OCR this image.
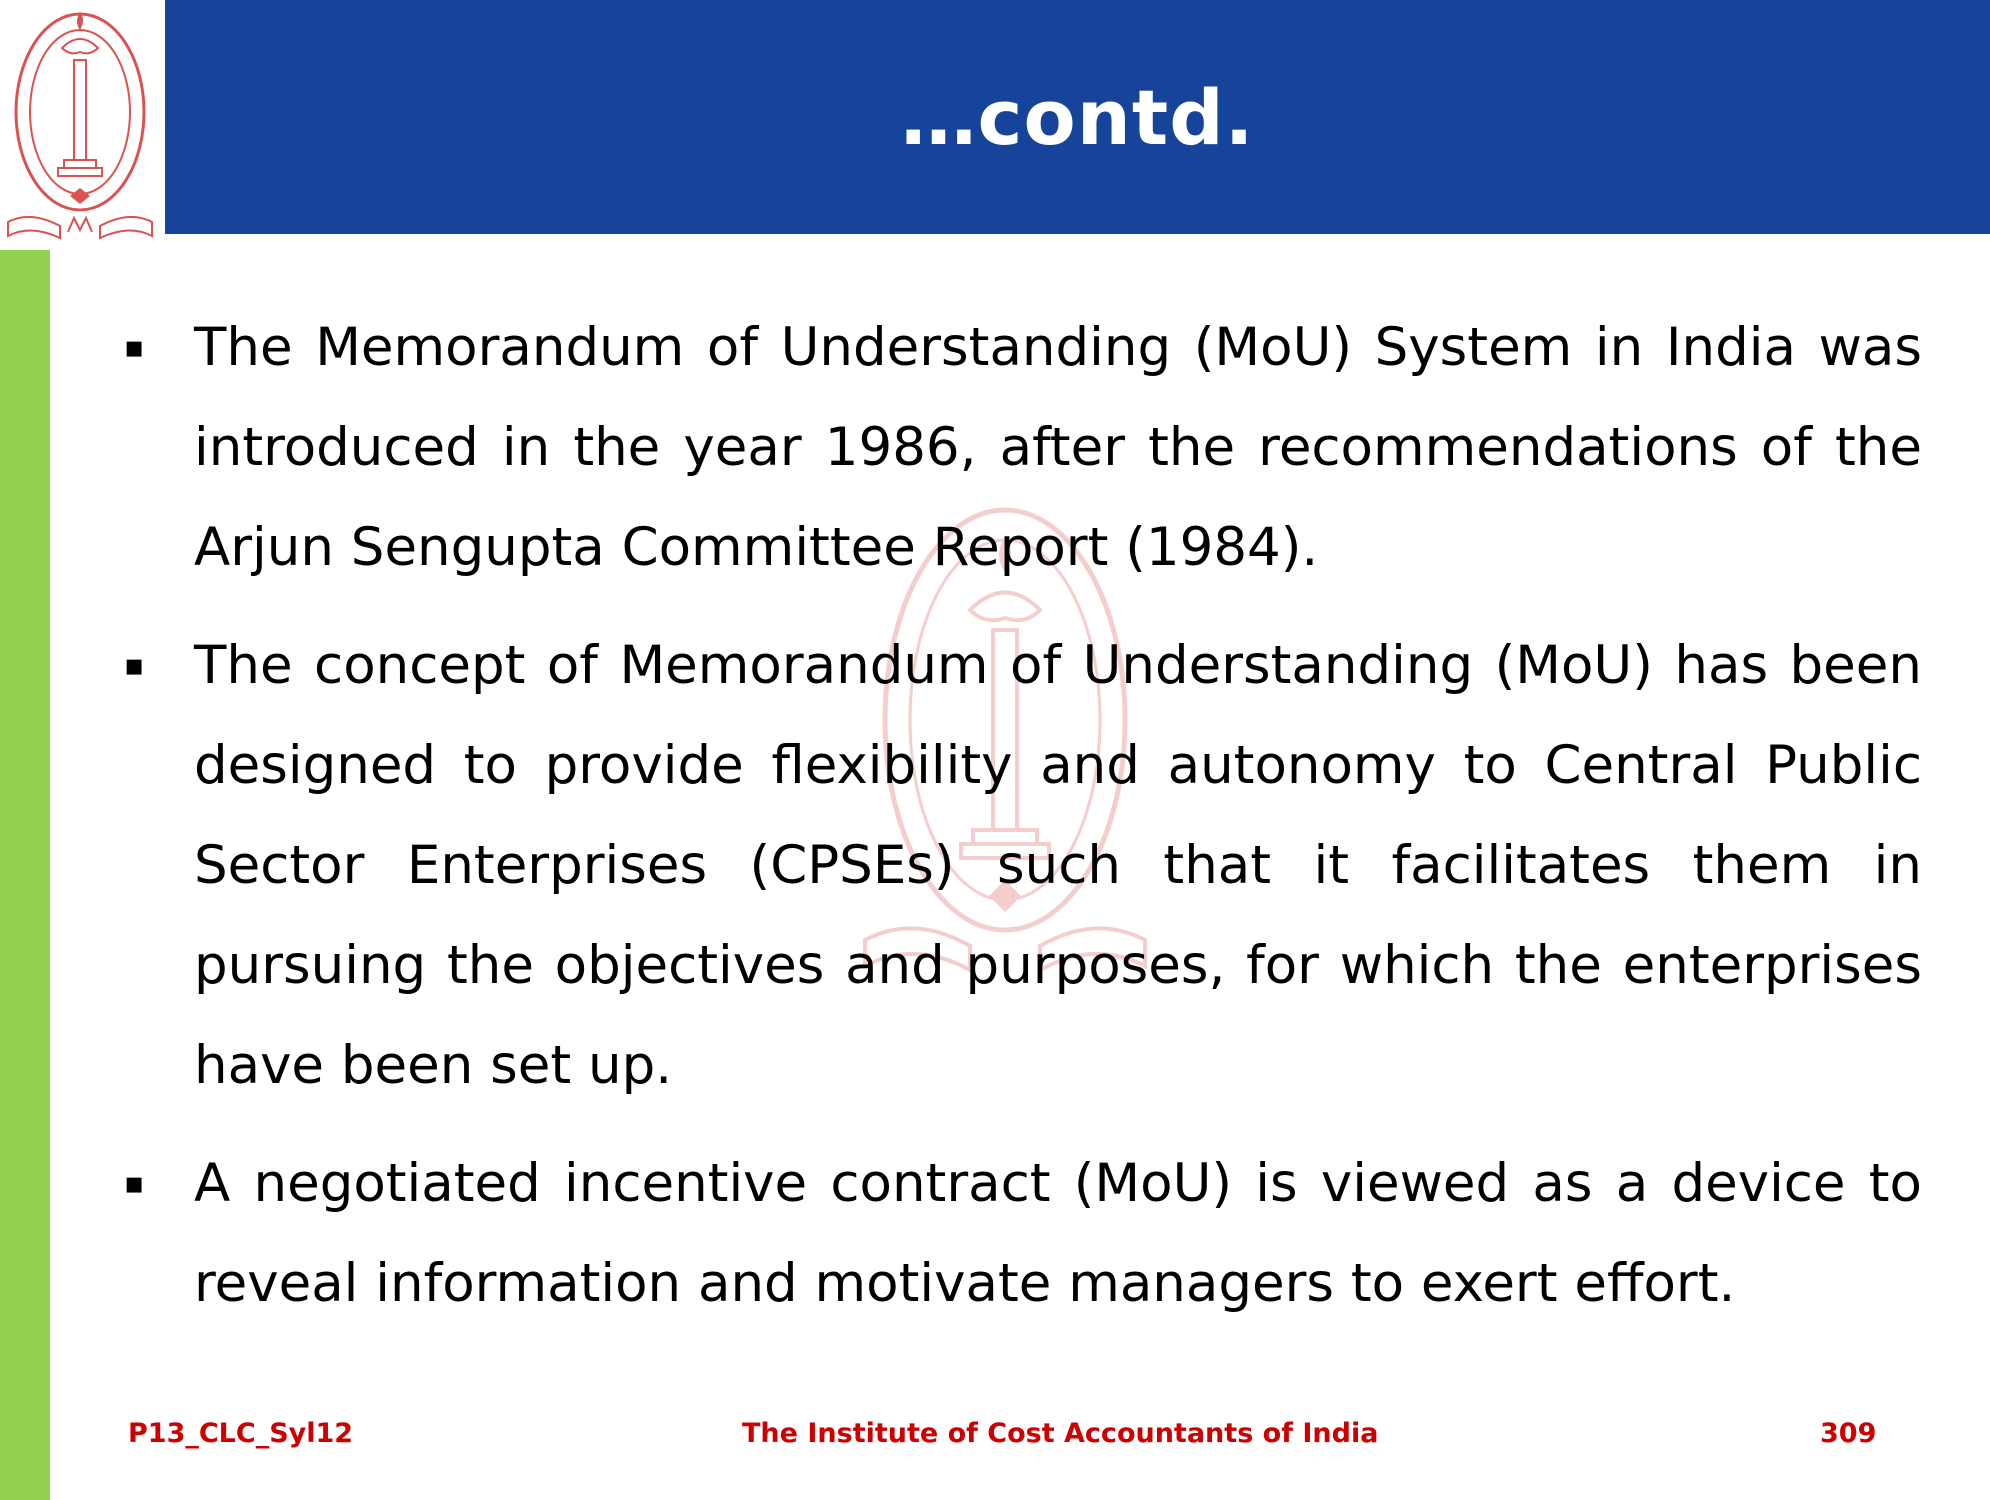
…contd.

▪ The Memorandum of Understanding (MoU) System in India was introduced in the year 1986, after the recommendations of the Arjun Sengupta Committee Report (1984).

▪ The concept of Memorandum of Understanding (MoU) has been designed to provide flexibility and autonomy to Central Public Sector Enterprises (CPSEs) such that it facilitates them in pursuing the objectives and purposes, for which the enterprises have been set up.

▪ A negotiated incentive contract (MoU) is viewed as a device to reveal information and motivate managers to exert effort.

P13_CLC_Syl12	The Institute of Cost Accountants of India	309
